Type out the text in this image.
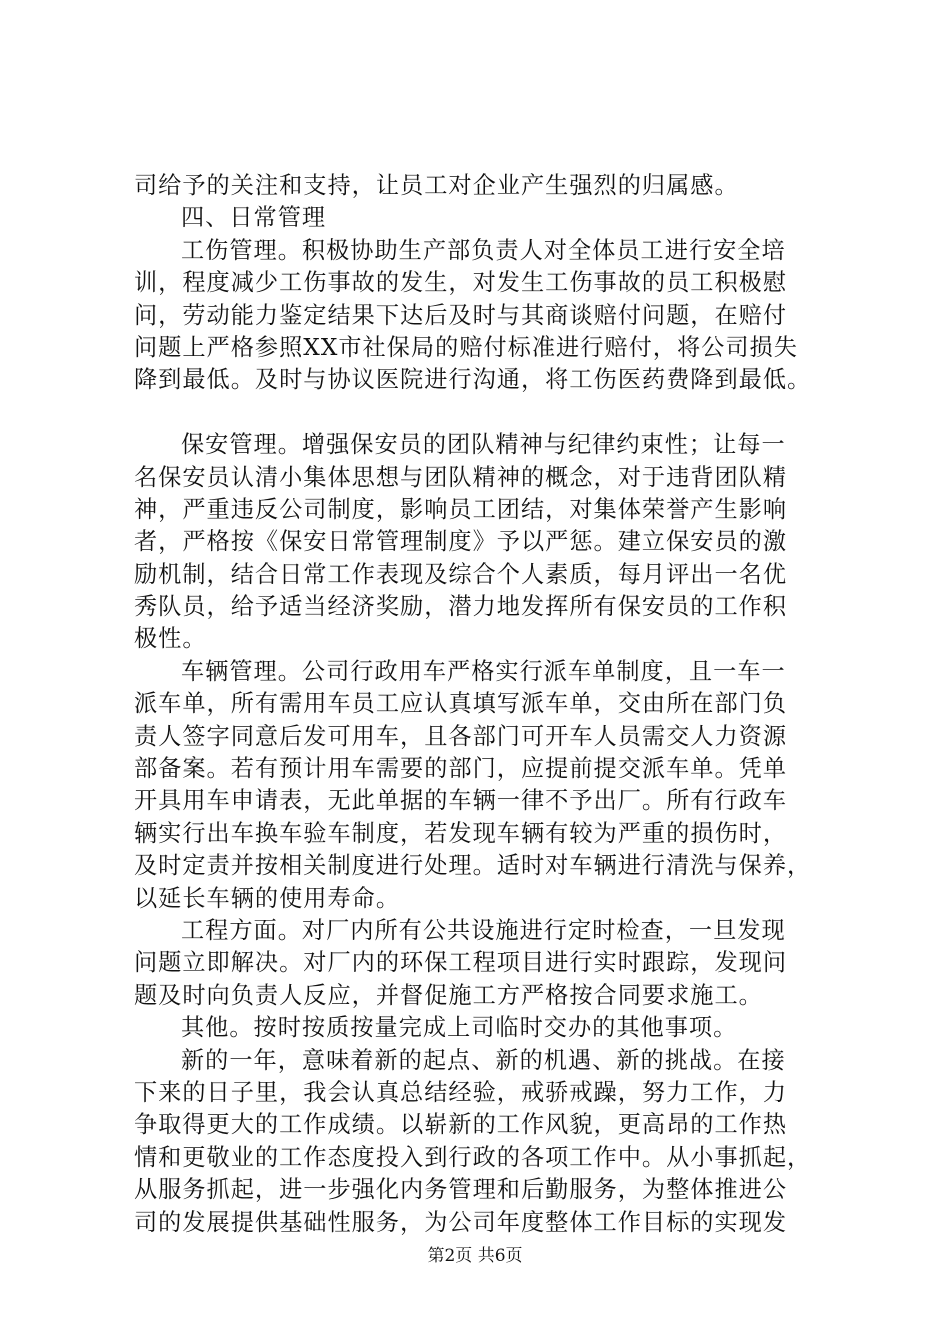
司给予的关注和支持，让员工对企业产生强烈的归属感。
四、日常管理
工伤管理。积极协助生产部负责人对全体员工进行安全培
训，程度减少工伤事故的发生，对发生工伤事故的员工积极慰
问，劳动能力鉴定结果下达后及时与其商谈赔付问题，在赔付
问题上严格参照XX市社保局的赔付标准进行赔付，将公司损失
降到最低。及时与协议医院进行沟通，将工伤医药费降到最低。
保安管理。增强保安员的团队精神与纪律约束性；让每一
名保安员认清小集体思想与团队精神的概念，对于违背团队精
神，严重违反公司制度，影响员工团结，对集体荣誉产生影响
者，严格按《保安日常管理制度》予以严惩。建立保安员的激
励机制，结合日常工作表现及综合个人素质，每月评出一名优
秀队员，给予适当经济奖励，潜力地发挥所有保安员的工作积
极性。
车辆管理。公司行政用车严格实行派车单制度，且一车一
派车单，所有需用车员工应认真填写派车单，交由所在部门负
责人签字同意后发可用车，且各部门可开车人员需交人力资源
部备案。若有预计用车需要的部门，应提前提交派车单。凭单
开具用车申请表，无此单据的车辆一律不予出厂。所有行政车
辆实行出车换车验车制度，若发现车辆有较为严重的损伤时，
及时定责并按相关制度进行处理。适时对车辆进行清洗与保养，
以延长车辆的使用寿命。
工程方面。对厂内所有公共设施进行定时检查，一旦发现
问题立即解决。对厂内的环保工程项目进行实时跟踪，发现问
题及时向负责人反应，并督促施工方严格按合同要求施工。
其他。按时按质按量完成上司临时交办的其他事项。
新的一年，意味着新的起点、新的机遇、新的挑战。在接
下来的日子里，我会认真总结经验，戒骄戒躁，努力工作，力
争取得更大的工作成绩。以崭新的工作风貌，更高昂的工作热
情和更敬业的工作态度投入到行政的各项工作中。从小事抓起，
从服务抓起，进一步强化内务管理和后勤服务，为整体推进公
司的发展提供基础性服务，为公司年度整体工作目标的实现发
第2页 共6页
